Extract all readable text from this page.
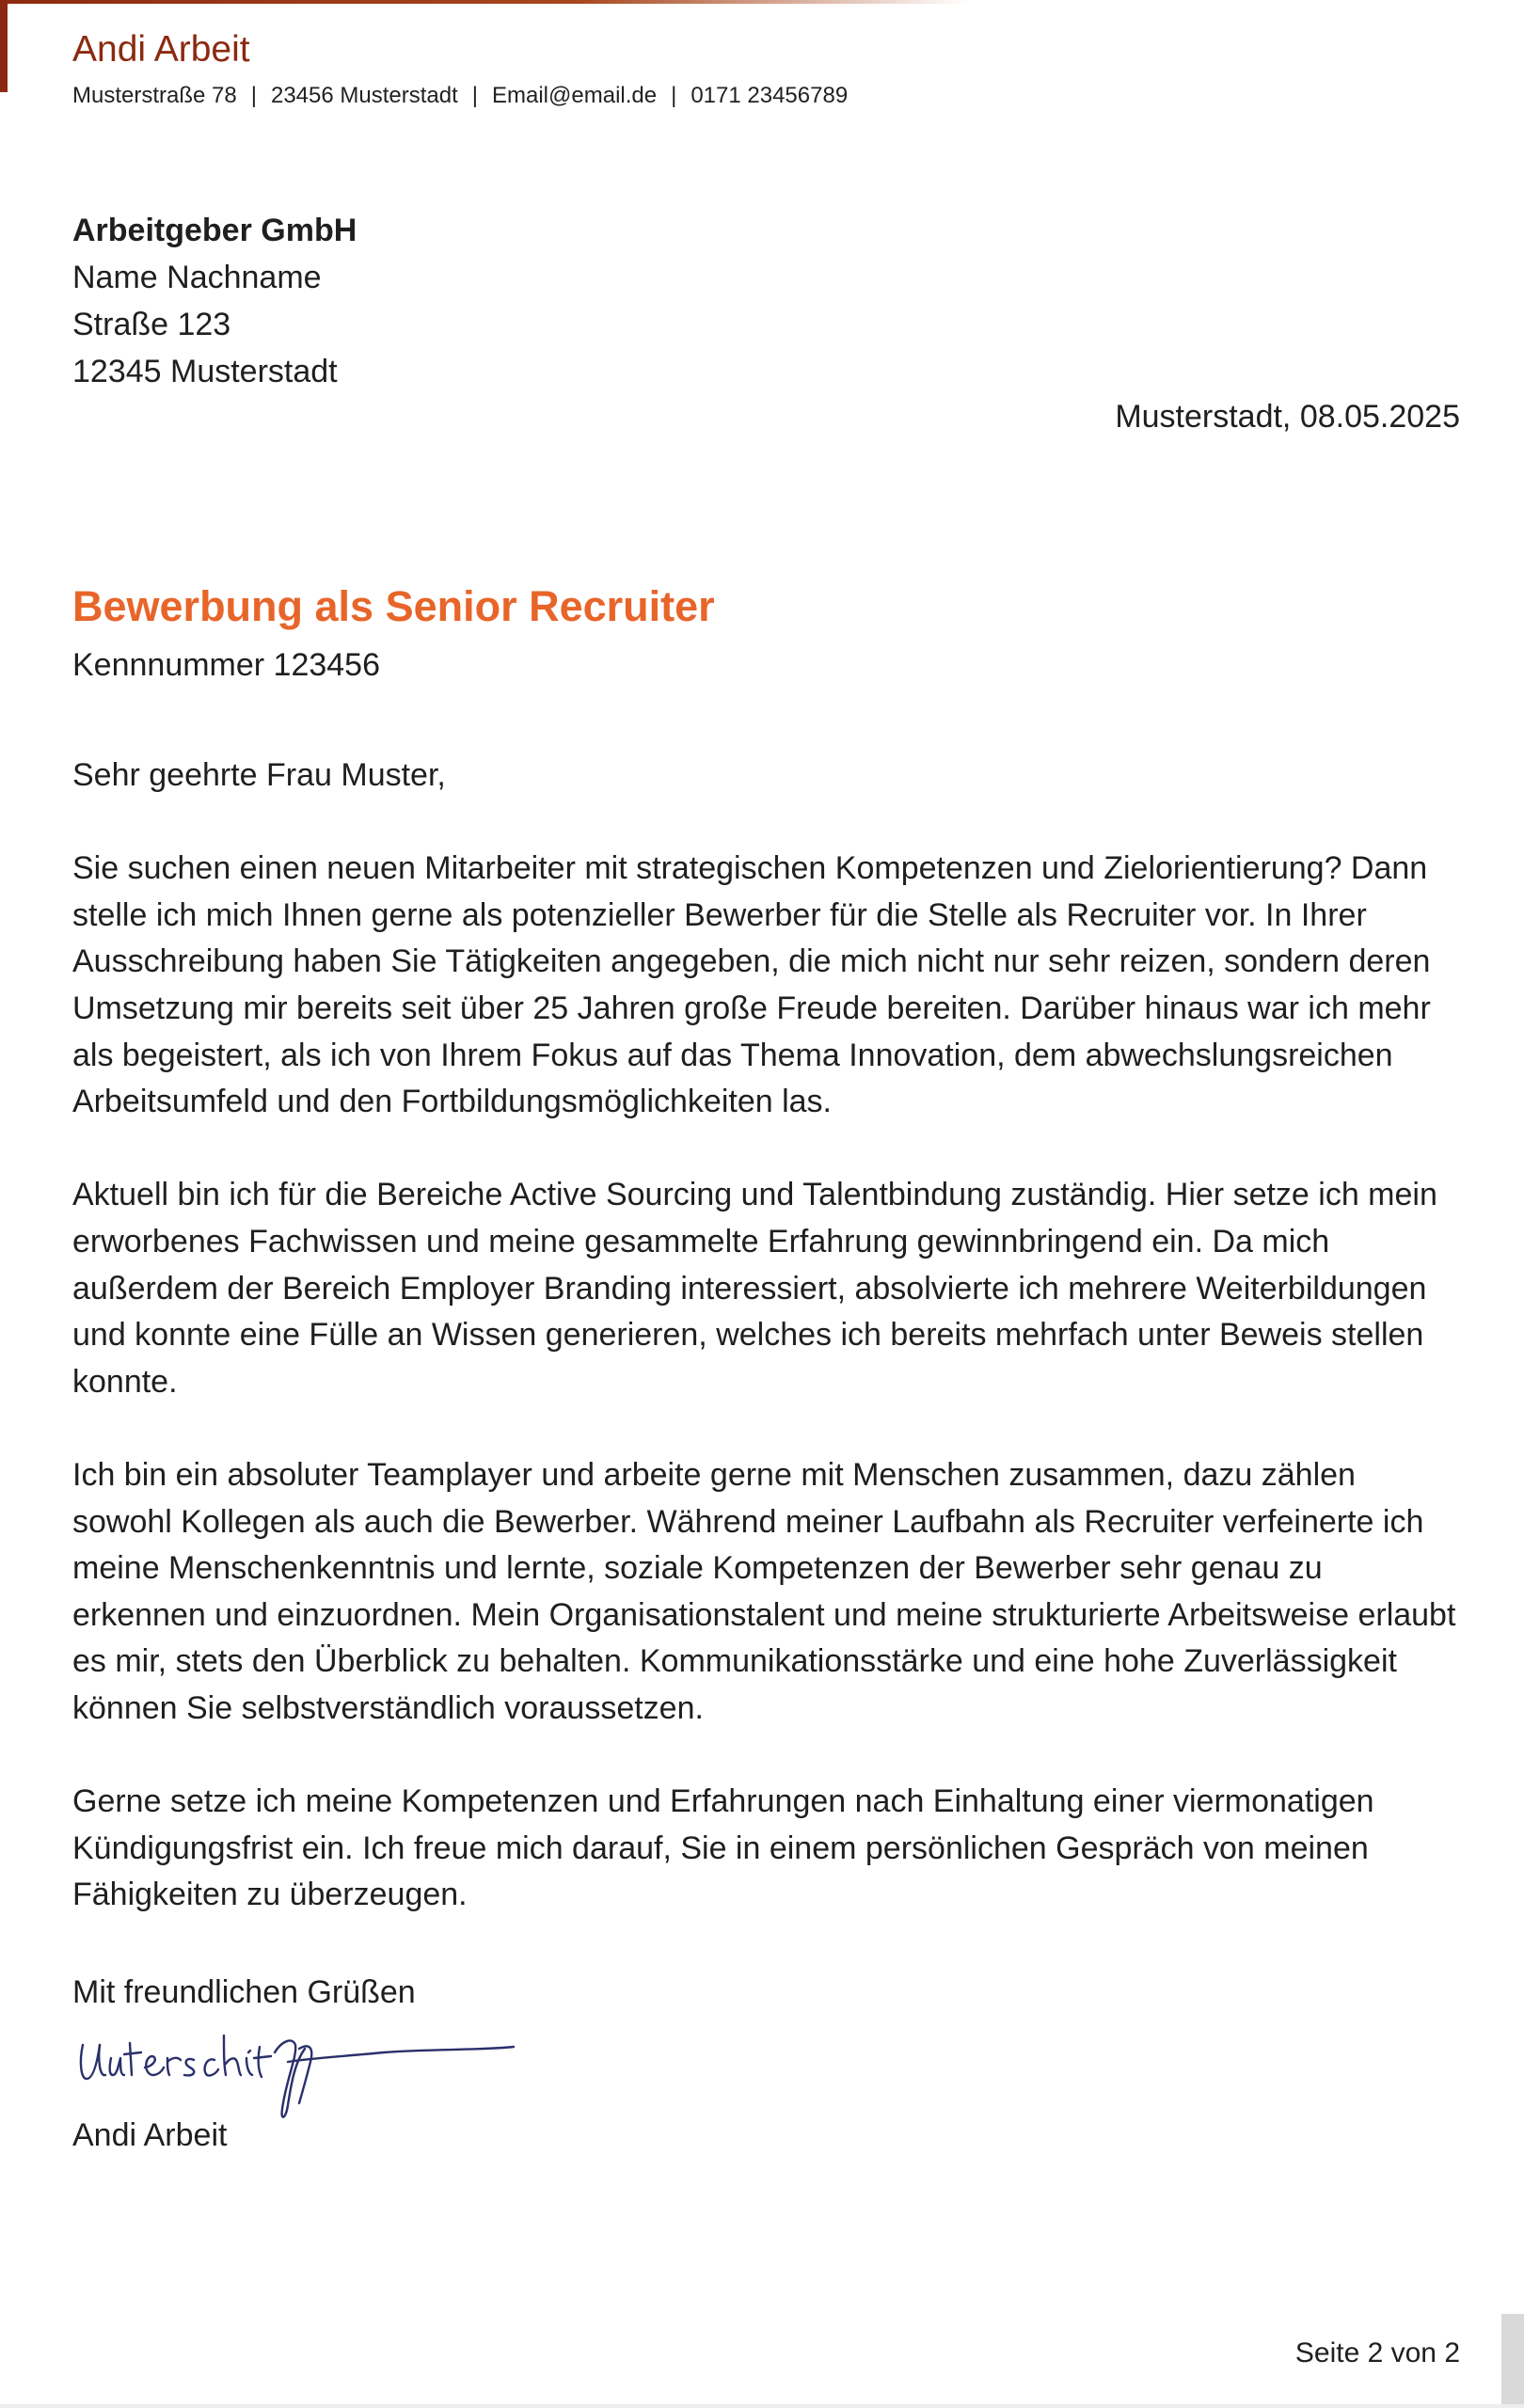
Andi Arbeit
Musterstraße 78 | 23456 Musterstadt | Email@email.de | 0171 23456789
Arbeitgeber GmbH
Name Nachname
Straße 123
12345 Musterstadt
Musterstadt, 08.05.2025
Bewerbung als Senior Recruiter
Kennnummer 123456

Sehr geehrte Frau Muster,

Sie suchen einen neuen Mitarbeiter mit strategischen Kompetenzen und Zielorientierung? Dann stelle ich mich Ihnen gerne als potenzieller Bewerber für die Stelle als Recruiter vor. In Ihrer Ausschreibung haben Sie Tätigkeiten angegeben, die mich nicht nur sehr reizen, sondern deren Umsetzung mir bereits seit über 25 Jahren große Freude bereiten. Darüber hinaus war ich mehr als begeistert, als ich von Ihrem Fokus auf das Thema Innovation, dem abwechslungsreichen Arbeitsumfeld und den Fortbildungsmöglichkeiten las.

Aktuell bin ich für die Bereiche Active Sourcing und Talentbindung zuständig. Hier setze ich mein erworbenes Fachwissen und meine gesammelte Erfahrung gewinnbringend ein. Da mich außerdem der Bereich Employer Branding interessiert, absolvierte ich mehrere Weiterbildungen und konnte eine Fülle an Wissen generieren, welches ich bereits mehrfach unter Beweis stellen konnte.

Ich bin ein absoluter Teamplayer und arbeite gerne mit Menschen zusammen, dazu zählen sowohl Kollegen als auch die Bewerber. Während meiner Laufbahn als Recruiter verfeinerte ich meine Menschenkenntnis und lernte, soziale Kompetenzen der Bewerber sehr genau zu erkennen und einzuordnen. Mein Organisationstalent und meine strukturierte Arbeitsweise erlaubt es mir, stets den Überblick zu behalten. Kommunikationsstärke und eine hohe Zuverlässigkeit können Sie selbstverständlich voraussetzen.

Gerne setze ich meine Kompetenzen und Erfahrungen nach Einhaltung einer viermonatigen Kündigungsfrist ein. Ich freue mich darauf, Sie in einem persönlichen Gespräch von meinen Fähigkeiten zu überzeugen.

Mit freundlichen Grüßen
Andi Arbeit
Seite 2 von 2
